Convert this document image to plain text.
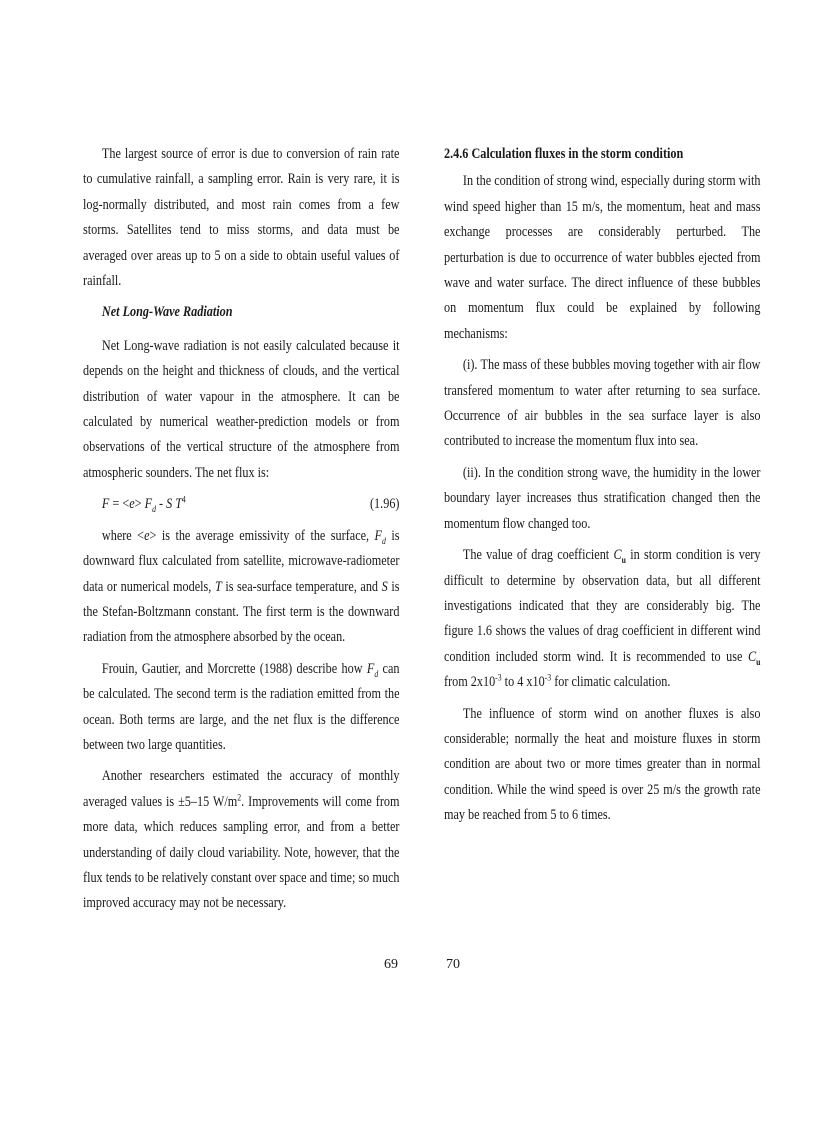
The largest source of error is due to conversion of rain rate to cumulative rainfall, a sampling error. Rain is very rare, it is log-normally distributed, and most rain comes from a few storms. Satellites tend to miss storms, and data must be averaged over areas up to 5 on a side to obtain useful values of rainfall.

Net Long-Wave Radiation

Net Long-wave radiation is not easily calculated because it depends on the height and thickness of clouds, and the vertical distribution of water vapour in the atmosphere. It can be calculated by numerical weather-prediction models or from observations of the vertical structure of the atmosphere from atmospheric sounders. The net flux is:

$F = <e> F_d - S$ $T^4$	(1.96)

where <e> is the average emissivity of the surface, $F_d$ is downward flux calculated from satellite, microwave-radiometer data or numerical models, T is sea-surface temperature, and S is the Stefan-Boltzmann constant. The first term is the downward radiation from the atmosphere absorbed by the ocean.

Frouin, Gautier, and Morcrette (1988) describe how $F_d$ can be calculated. The second term is the radiation emitted from the ocean. Both terms are large, and the net flux is the difference between two large quantities.

Another researchers estimated the accuracy of monthly averaged values is ±5–15 $W/m^2$. Improvements will come from more data, which reduces sampling error, and from a better understanding of daily cloud variability. Note, however, that the flux tends to be relatively constant over space and time; so much improved accuracy may not be necessary.

2.4.6 Calculation fluxes in the storm condition

In the condition of strong wind, especially during storm with wind speed higher than 15 m/s, the momentum, heat and mass exchange processes are considerably perturbed. The perturbation is due to occurrence of water bubbles ejected from wave and water surface. The direct influence of these bubbles on momentum flux could be explained by following mechanisms:

(i). The mass of these bubbles moving together with air flow transfered momentum to water after returning to sea surface. Occurrence of air bubbles in the sea surface layer is also contributed to increase the momentum flux into sea.

(ii). In the condition strong wave, the humidity in the lower boundary layer increases thus stratification changed then the momentum flow changed too.

The value of drag coefficient $C_u$ in storm condition is very difficult to determine by observation data, but all different investigations indicated that they are considerably big. The figure 1.6 shows the values of drag coefficient in different wind condition included storm wind. It is recommended to use $C_u$ from $2x10^{-3}$ to 4 $x10^{-3}$ for climatic calculation.

The influence of storm wind on another fluxes is also considerable; normally the heat and moisture fluxes in storm condition are about two or more times greater than in normal condition. While the wind speed is over 25 m/s the growth rate may be reached from 5 to 6 times.

69	70
